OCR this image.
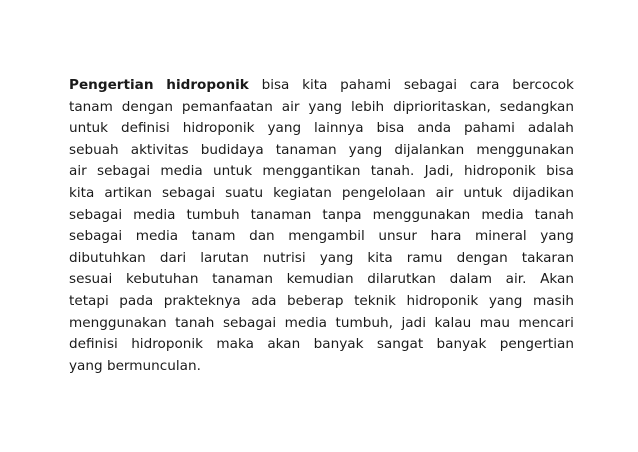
Pengertian hidroponik bisa kita pahami sebagai cara bercocok
tanam dengan pemanfaatan air yang lebih diprioritaskan, sedangkan
untuk definisi hidroponik yang lainnya bisa anda pahami adalah
sebuah aktivitas budidaya tanaman yang dijalankan menggunakan
air sebagai media untuk menggantikan tanah. Jadi, hidroponik bisa
kita artikan sebagai suatu kegiatan pengelolaan air untuk dijadikan
sebagai media tumbuh tanaman tanpa menggunakan media tanah
sebagai media tanam dan mengambil unsur hara mineral yang
dibutuhkan dari larutan nutrisi yang kita ramu dengan takaran
sesuai kebutuhan tanaman kemudian dilarutkan dalam air. Akan
tetapi pada prakteknya ada beberap teknik hidroponik yang masih
menggunakan tanah sebagai media tumbuh, jadi kalau mau mencari
definisi hidroponik maka akan banyak sangat banyak pengertian
yang bermunculan.
